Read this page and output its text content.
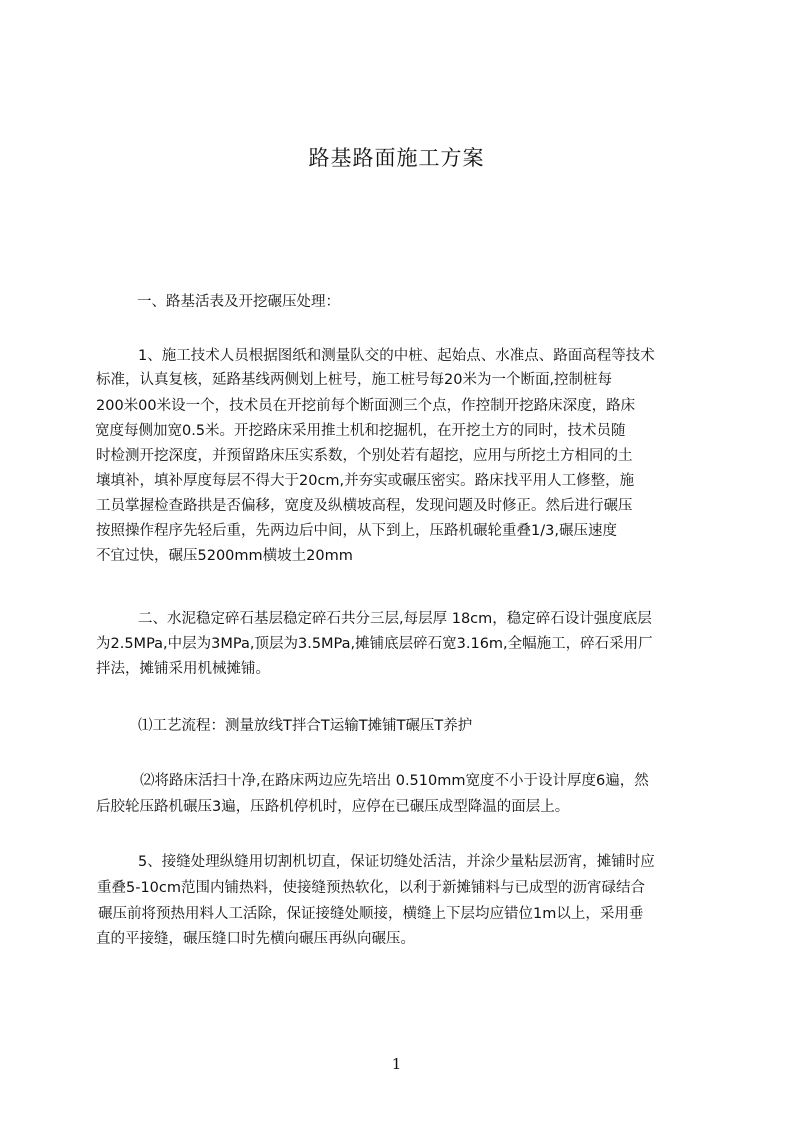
路基路面施工方案

一、路基活表及开挖碾压处理：

1、施工技术人员根据图纸和测量队交的中桩、起始点、水准点、路面高程等技术

标准，认真复核，延路基线两侧划上桩号，施工桩号每20米为一个断面,控制桩每

200米00米设一个，技术员在开挖前每个断面测三个点，作控制开挖路床深度，路床

宽度每侧加宽0.5米。开挖路床采用推土机和挖掘机，在开挖土方的同时，技术员随

时检测开挖深度，并预留路床压实系数，个别处若有超挖，应用与所挖土方相同的土

壤填补，填补厚度每层不得大于20cm,并夯实或碾压密实。路床找平用人工修整，施

工员掌握检查路拱是否偏移，宽度及纵横坡高程，发现问题及时修正。然后进行碾压

按照操作程序先轻后重，先两边后中间，从下到上，压路机碾轮重叠1/3,碾压速度

不宜过快，碾压5200mm横坡土20mm

二、水泥稳定碎石基层稳定碎石共分三层,每层厚 18cm，稳定碎石设计强度底层

为2.5MPa,中层为3MPa,顶层为3.5MPa,摊铺底层碎石宽3.16m,全幅施工，碎石采用厂

拌法，摊铺采用机械摊铺。

⑴工艺流程：测量放线T拌合T运输T摊铺T碾压T养护

⑵将路床活扫十净,在路床两边应先培出 0.510mm宽度不小于设计厚度6遍，然

后胶轮压路机碾压3遍，压路机停机时，应停在已碾压成型降温的面层上。

5、接缝处理纵缝用切割机切直，保证切缝处活洁，并涂少量粘层沥宵，摊铺时应

重叠5-10cm范围内铺热料，使接缝预热软化，以利于新摊铺料与已成型的沥宵碌结合

碾压前将预热用料人工活除，保证接缝处顺接，横缝上下层均应错位1m以上，采用垂

直的平接缝，碾压缝口时先横向碾压再纵向碾压。

1
